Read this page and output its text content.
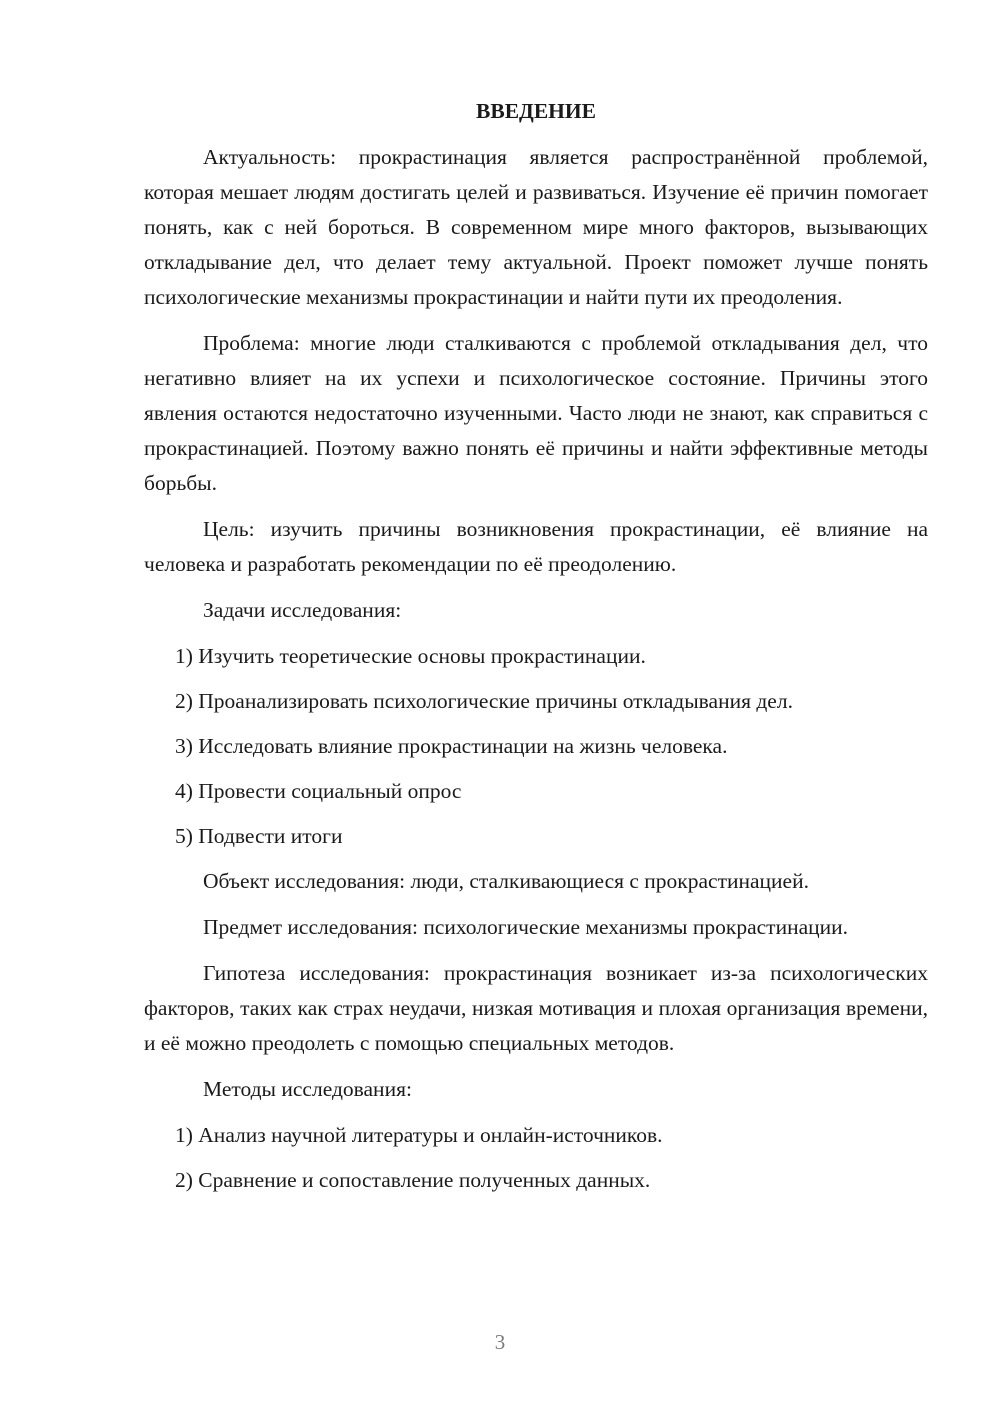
ВВЕДЕНИЕ

Актуальность: прокрастинация является распространённой проблемой, которая мешает людям достигать целей и развиваться. Изучение её причин помогает понять, как с ней бороться. В современном мире много факторов, вызывающих откладывание дел, что делает тему актуальной. Проект поможет лучше понять психологические механизмы прокрастинации и найти пути их преодоления.

Проблема: многие люди сталкиваются с проблемой откладывания дел, что негативно влияет на их успехи и психологическое состояние. Причины этого явления остаются недостаточно изученными. Часто люди не знают, как справиться с прокрастинацией. Поэтому важно понять её причины и найти эффективные методы борьбы.

Цель: изучить причины возникновения прокрастинации, её влияние на человека и разработать рекомендации по её преодолению.

Задачи исследования:

1) Изучить теоретические основы прокрастинации.

2) Проанализировать психологические причины откладывания дел.

3) Исследовать влияние прокрастинации на жизнь человека.

4) Провести социальный опрос

5) Подвести итоги

Объект исследования: люди, сталкивающиеся с прокрастинацией.

Предмет исследования: психологические механизмы прокрастинации.

Гипотеза исследования: прокрастинация возникает из-за психологических факторов, таких как страх неудачи, низкая мотивация и плохая организация времени, и её можно преодолеть с помощью специальных методов.

Методы исследования:

1) Анализ научной литературы и онлайн-источников.

2) Сравнение и сопоставление полученных данных.

3
